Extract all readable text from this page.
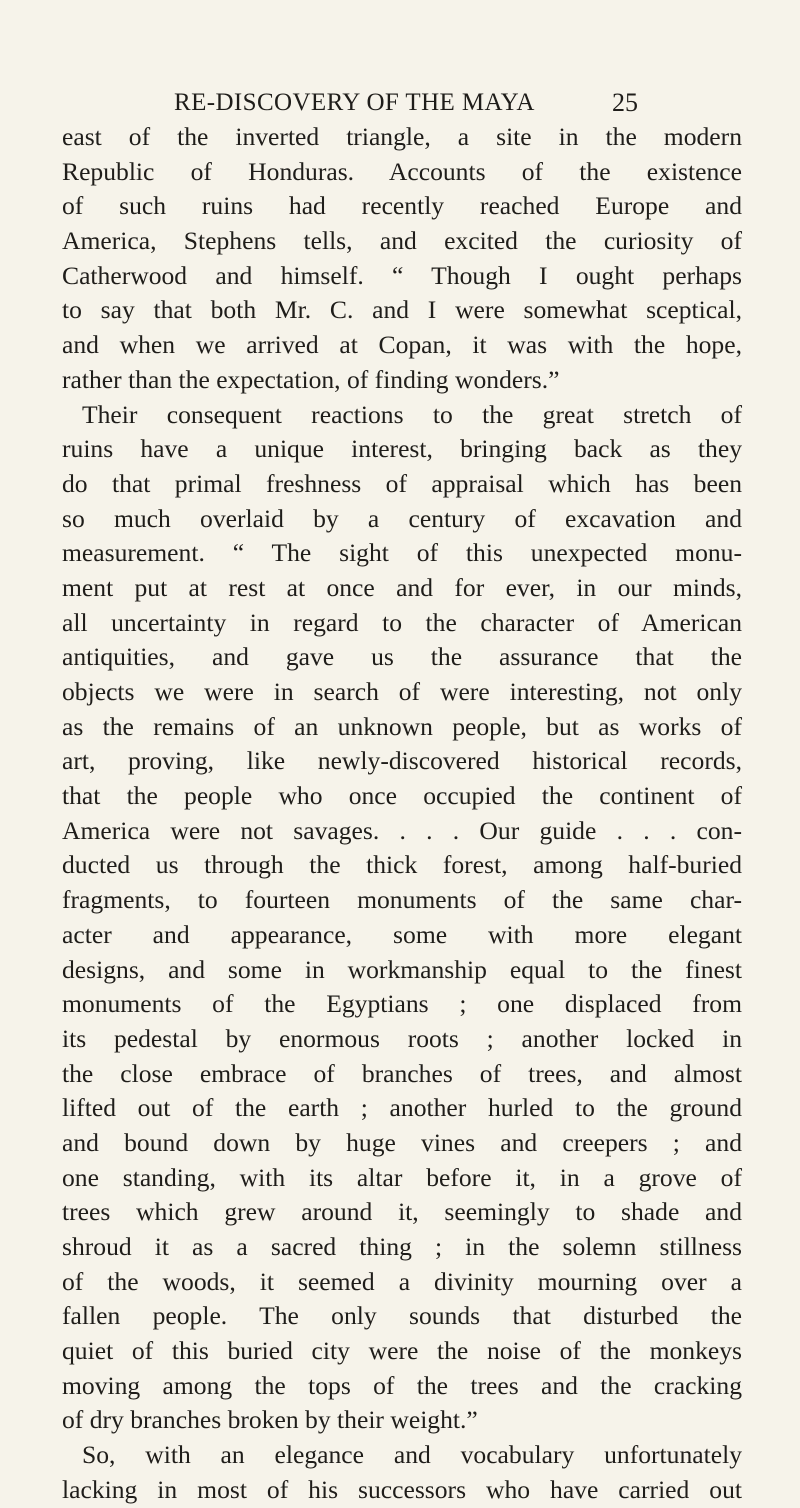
RE-DISCOVERY OF THE MAYA	25
east of the inverted triangle, a site in the modern
Republic of Honduras. Accounts of the existence
of such ruins had recently reached Europe and
America, Stephens tells, and excited the curiosity of
Catherwood and himself. “ Though I ought perhaps
to say that both Mr. C. and I were somewhat sceptical,
and when we arrived at Copan, it was with the hope,
rather than the expectation, of finding wonders.”
Their consequent reactions to the great stretch of
ruins have a unique interest, bringing back as they
do that primal freshness of appraisal which has been
so much overlaid by a century of excavation and
measurement. “ The sight of this unexpected monu-
ment put at rest at once and for ever, in our minds,
all uncertainty in regard to the character of American
antiquities, and gave us the assurance that the
objects we were in search of were interesting, not only
as the remains of an unknown people, but as works of
art, proving, like newly-discovered historical records,
that the people who once occupied the continent of
America were not savages. . . . Our guide . . . con-
ducted us through the thick forest, among half-buried
fragments, to fourteen monuments of the same char-
acter and appearance, some with more elegant
designs, and some in workmanship equal to the finest
monuments of the Egyptians ; one displaced from
its pedestal by enormous roots ; another locked in
the close embrace of branches of trees, and almost
lifted out of the earth ; another hurled to the ground
and bound down by huge vines and creepers ; and
one standing, with its altar before it, in a grove of
trees which grew around it, seemingly to shade and
shroud it as a sacred thing ; in the solemn stillness
of the woods, it seemed a divinity mourning over a
fallen people. The only sounds that disturbed the
quiet of this buried city were the noise of the monkeys
moving among the tops of the trees and the cracking
of dry branches broken by their weight.”
So, with an elegance and vocabulary unfortunately
lacking in most of his successors who have carried out
